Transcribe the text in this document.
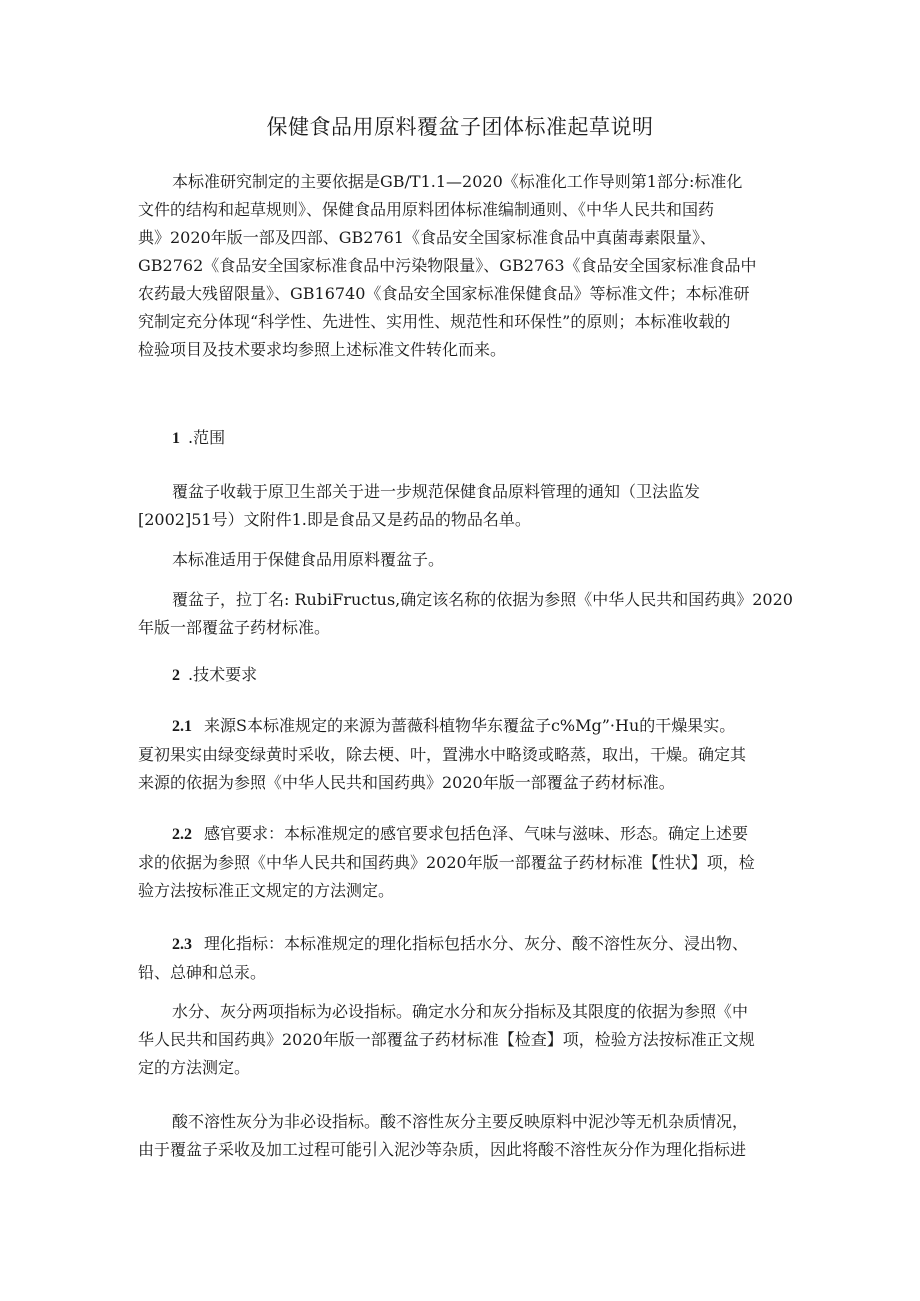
保健食品用原料覆盆子团体标准起草说明
本标准研究制定的主要依据是GB/T1.1—2020《标准化工作导则第1部分:标准化
文件的结构和起草规则》、保健食品用原料团体标准编制通则、《中华人民共和国药
典》2020年版一部及四部、GB2761《食品安全国家标准食品中真菌毒素限量》、
GB2762《食品安全国家标准食品中污染物限量》、GB2763《食品安全国家标准食品中
农药最大残留限量》、GB16740《食品安全国家标准保健食品》等标准文件；本标准研
究制定充分体现“科学性、先进性、实用性、规范性和环保性”的原则；本标准收载的
检验项目及技术要求均参照上述标准文件转化而来。
1 .范围
覆盆子收载于原卫生部关于进一步规范保健食品原料管理的通知（卫法监发
[2002]51号）文附件1.即是食品又是药品的物品名单。
本标准适用于保健食品用原料覆盆子。
覆盆子，拉丁名: RubiFructus,确定该名称的依据为参照《中华人民共和国药典》2020
年版一部覆盆子药材标准。
2 .技术要求
2.1 来源S本标准规定的来源为蔷薇科植物华东覆盆子c%Mg”·Hu的干燥果实。
夏初果实由绿变绿黄时采收，除去梗、叶，置沸水中略烫或略蒸，取出，干燥。确定其
来源的依据为参照《中华人民共和国药典》2020年版一部覆盆子药材标准。
2.2 感官要求：本标准规定的感官要求包括色泽、气味与滋味、形态。确定上述要
求的依据为参照《中华人民共和国药典》2020年版一部覆盆子药材标准【性状】项，检
验方法按标准正文规定的方法测定。
2.3 理化指标：本标准规定的理化指标包括水分、灰分、酸不溶性灰分、浸出物、
铅、总砷和总汞。
水分、灰分两项指标为必设指标。确定水分和灰分指标及其限度的依据为参照《中
华人民共和国药典》2020年版一部覆盆子药材标准【检查】项，检验方法按标准正文规
定的方法测定。
酸不溶性灰分为非必设指标。酸不溶性灰分主要反映原料中泥沙等无机杂质情况，
由于覆盆子采收及加工过程可能引入泥沙等杂质，因此将酸不溶性灰分作为理化指标进
